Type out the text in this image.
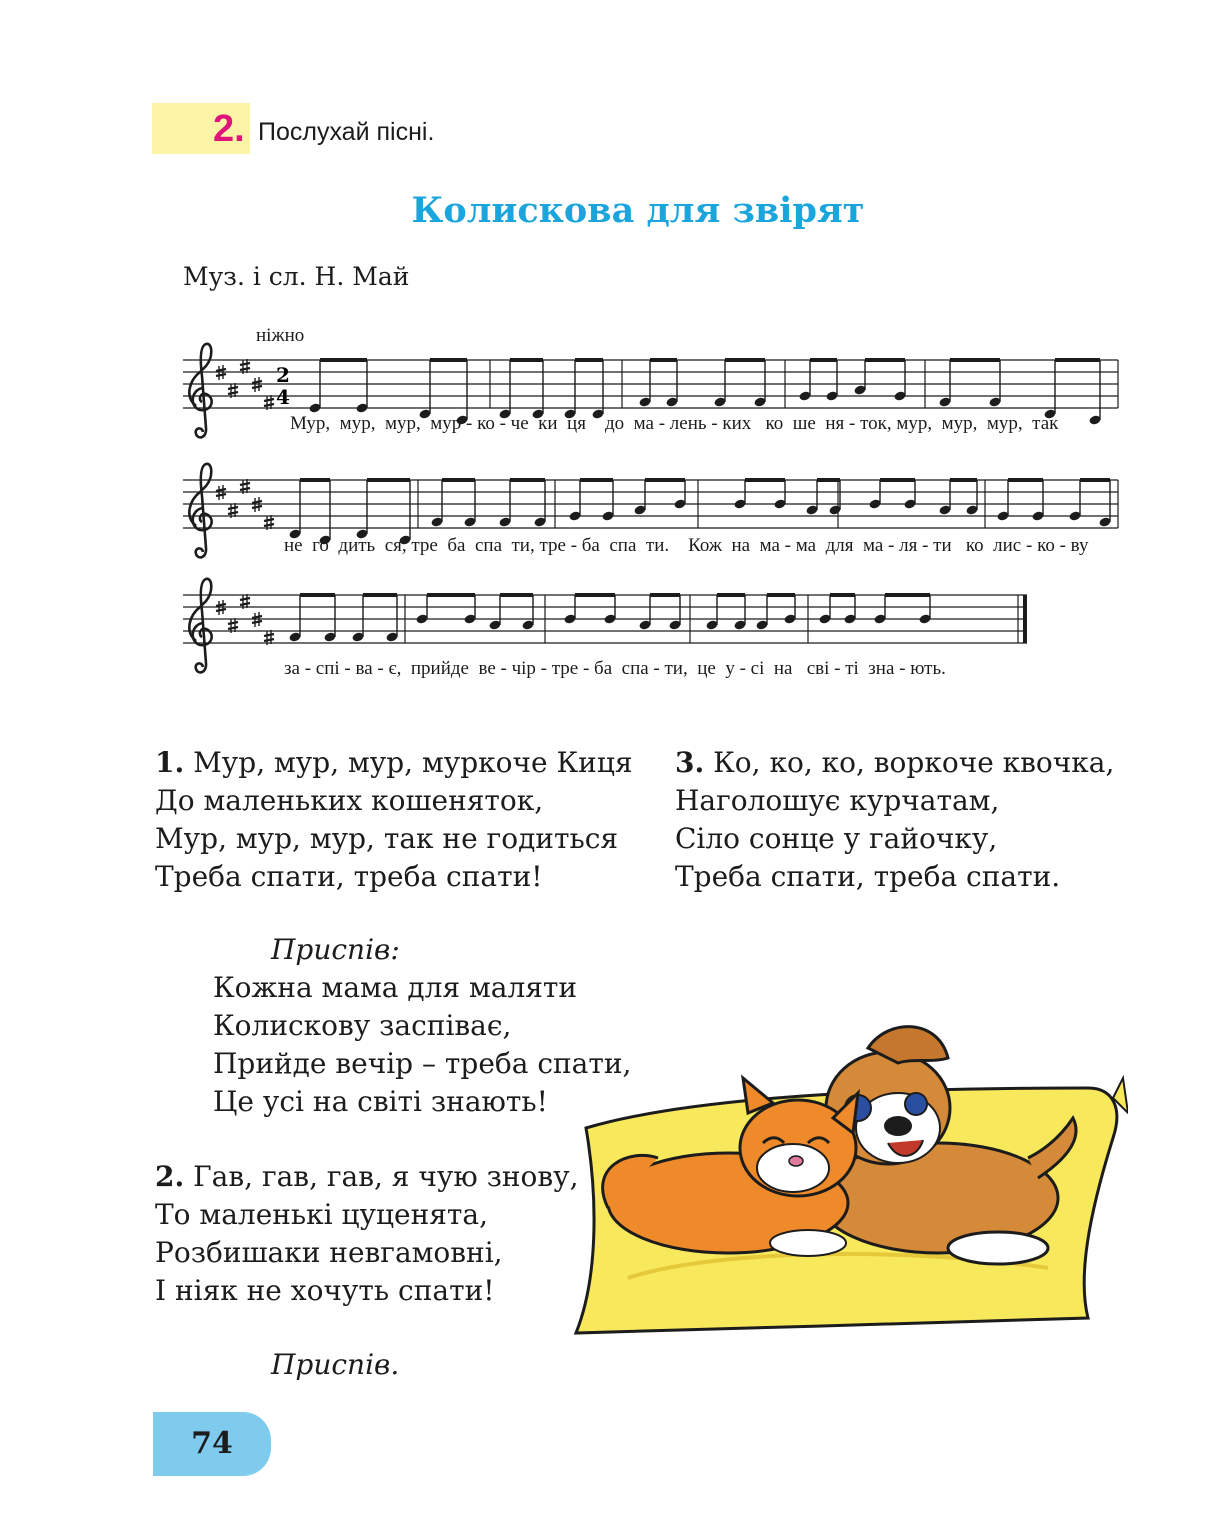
2. Послухай пісні.
Колискова для звірят
Муз. і сл. Н. Май
ніжно
2
4
Мур,  мур,  мур,  мур - ко - че  ки  ця    до  ма - лень - ких   ко  ше  ня - ток, мур,  мур,  мур,  так
не  го  дить  ся, тре  ба  спа  ти, тре - ба  спа  ти.    Кож  на  ма - ма  для  ма - ля - ти   ко  лис - ко - ву
за - спі - ва - є,  прийде  ве - чір - тре - ба  спа - ти,  це  у - сі  на   сві - ті  зна - ють.
1. Мур, мур, мур, муркоче Киця
До маленьких кошеняток,
Мур, мур, мур, так не годиться
Треба спати, треба спати!
3. Ко, ко, ко, воркоче квочка,
Наголошує курчатам,
Сіло сонце у гайочку,
Треба спати, треба спати.
Приспів:
Кожна мама для маляти
Колискову заспіває,
Прийде вечір – треба спати,
Це усі на світі знають!
2. Гав, гав, гав, я чую знову,
То маленькі цуценята,
Розбишаки невгамовні,
І ніяк не хочуть спати!
Приспів.
74
